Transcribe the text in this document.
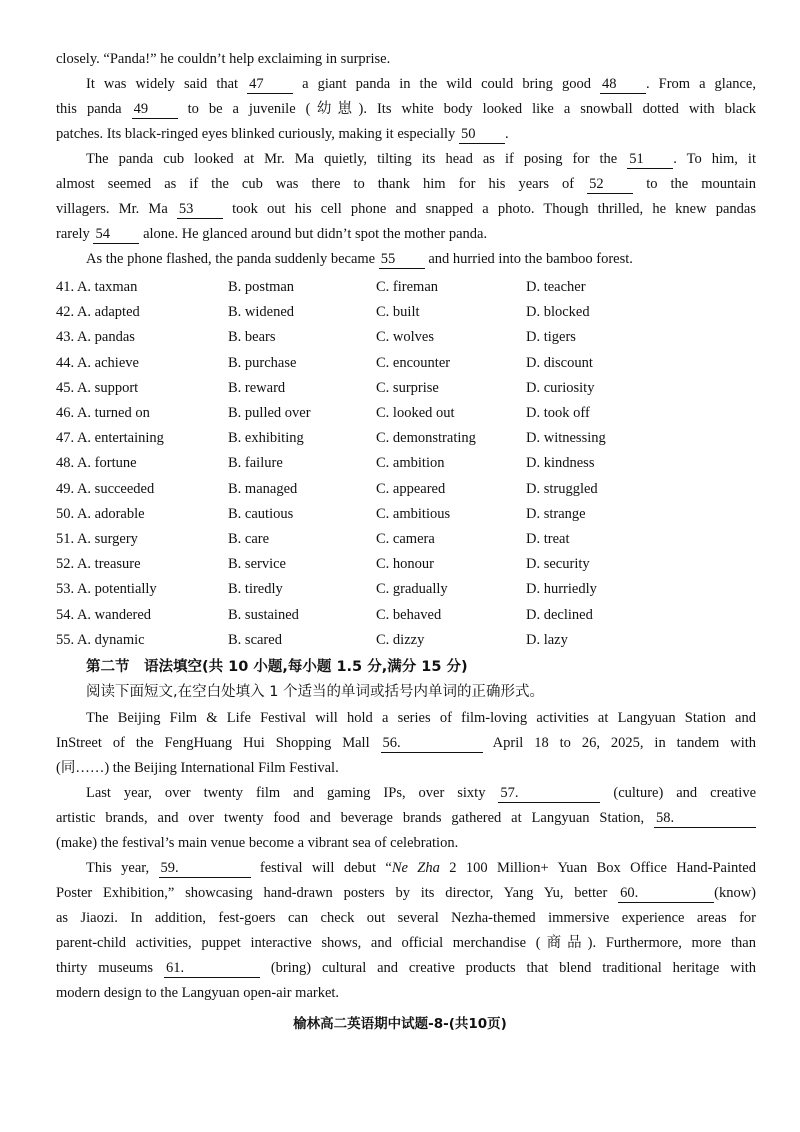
closely. “Panda!” he couldn’t help exclaiming in surprise.
It was widely said that 47	a giant panda in the wild could bring good 48 . From a glance,
this panda 49	to be a juvenile (幼崽). Its white body looked like a snowball dotted with black
patches. Its black-ringed eyes blinked curiously, making it especially 50 .
The panda cub looked at Mr. Ma quietly, tilting its head as if posing for the 51 . To him, it
almost seemed as if the cub was there to thank him for his years of 52	to the mountain
villagers. Mr. Ma 53	took out his cell phone and snapped a photo. Though thrilled, he knew pandas
rarely 54 alone. He glanced around but didn’t spot the mother panda.
As the phone flashed, the panda suddenly became 55 and hurried into the bamboo forest.
41. A. taxman	B. postman	C. fireman	D. teacher
42. A. adapted	B. widened	C. built	D. blocked
43. A. pandas	B. bears	C. wolves	D. tigers
44. A. achieve	B. purchase	C. encounter	D. discount
45. A. support	B. reward	C. surprise	D. curiosity
46. A. turned on	B. pulled over	C. looked out	D. took off
47. A. entertaining	B. exhibiting	C. demonstrating	D. witnessing
48. A. fortune	B. failure	C. ambition	D. kindness
49. A. succeeded	B. managed	C. appeared	D. struggled
50. A. adorable	B. cautious	C. ambitious	D. strange
51. A. surgery	B. care	C. camera	D. treat
52. A. treasure	B. service	C. honour	D. security
53. A. potentially	B. tiredly	C. gradually	D. hurriedly
54. A. wandered	B. sustained	C. behaved	D. declined
55. A. dynamic	B. scared	C. dizzy	D. lazy
第二节　语法填空(共 10 小题,每小题 1.5 分,满分 15 分)
阅读下面短文,在空白处填入 1 个适当的单词或括号内单词的正确形式。
The Beijing Film & Life Festival will hold a series of film-loving activities at Langyuan Station and
InStreet of the FengHuang Hui Shopping Mall 56.	April 18 to 26, 2025, in tandem with
(同……) the Beijing International Film Festival.
Last year, over twenty film and gaming IPs, over sixty 57.	(culture) and creative
artistic brands, and over twenty food and beverage brands gathered at Langyuan Station, 58.
(make) the festival’s main venue become a vibrant sea of celebration.
This year, 59.	festival will debut “Ne Zha 2 100 Million+ Yuan Box Office Hand-Painted
Poster Exhibition,” showcasing hand-drawn posters by its director, Yang Yu, better 60.	(know)
as Jiaozi. In addition, fest-goers can check out several Nezha-themed immersive experience areas for
parent-child activities, puppet interactive shows, and official merchandise (商品). Furthermore, more than
thirty museums 61.	(bring) cultural and creative products that blend traditional heritage with
modern design to the Langyuan open-air market.
榆林高二英语期中试题-8-(共10页)
